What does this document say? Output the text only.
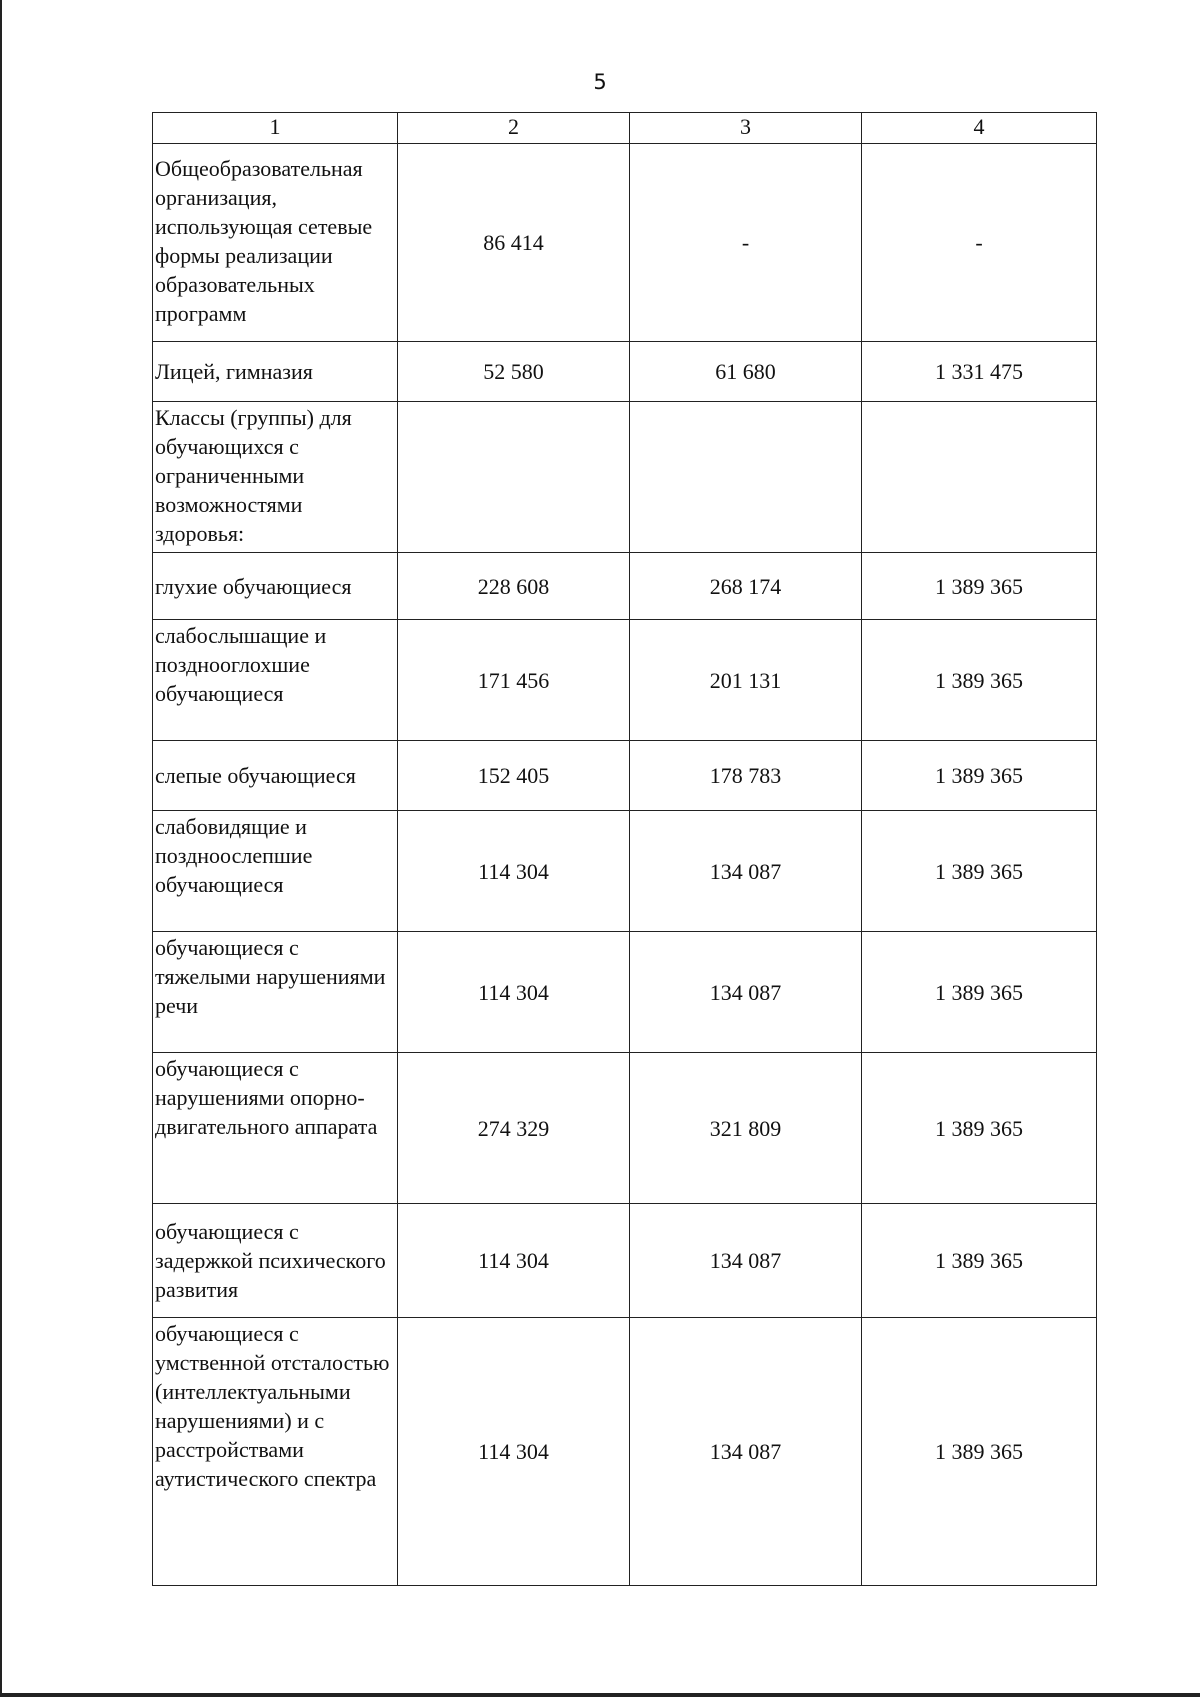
5
1	2	3	4
Общеобразовательная организация, использующая сетевые формы реализации образовательных программ	86 414	-	-
Лицей, гимназия	52 580	61 680	1 331 475
Классы (группы) для обучающихся с ограниченными возможностями здоровья:			
глухие обучающиеся	228 608	268 174	1 389 365
слабослышащие и позднооглохшие обучающиеся	171 456	201 131	1 389 365
слепые обучающиеся	152 405	178 783	1 389 365
слабовидящие и поздноослепшие обучающиеся	114 304	134 087	1 389 365
обучающиеся с тяжелыми нарушениями речи	114 304	134 087	1 389 365
обучающиеся с нарушениями опорно-двигательного аппарата	274 329	321 809	1 389 365
обучающиеся с задержкой психического развития	114 304	134 087	1 389 365
обучающиеся с умственной отсталостью (интеллектуальными нарушениями) и с расстройствами аутистического спектра	114 304	134 087	1 389 365
